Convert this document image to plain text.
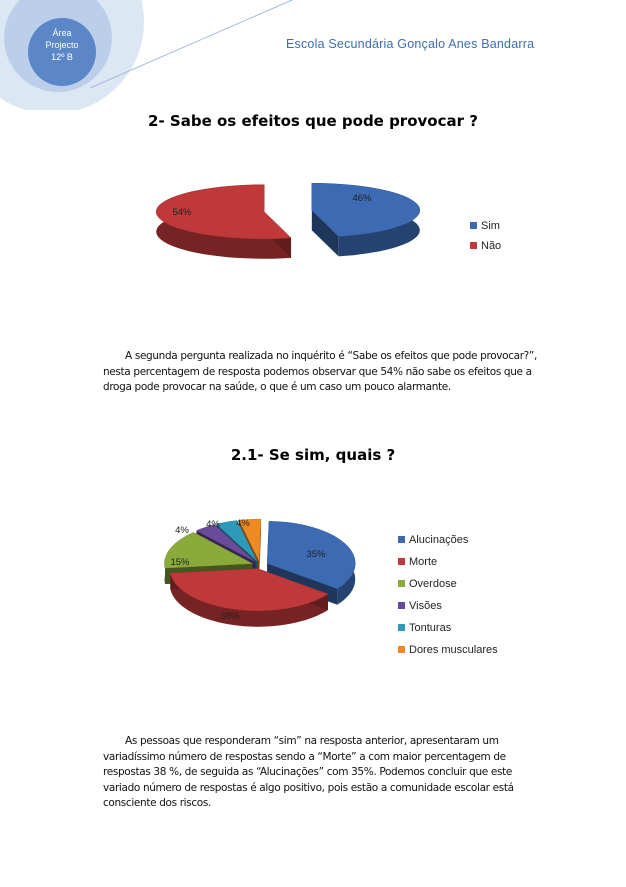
Área
Projecto
12º B
Escola Secundária Gonçalo Anes Bandarra
2- Sabe os efeitos que pode provocar ?
46%
54%
Sim
Não
A segunda pergunta realizada no inquérito é “Sabe os efeitos que pode provocar?”, nesta percentagem de resposta podemos observar que 54% não sabe os efeitos que a droga pode provocar na saúde, o que é um caso um pouco alarmante.
2.1- Se sim, quais ?
4%
4%
4%
35%
15%
38%
Alucinações
Morte
Overdose
Visões
Tonturas
Dores musculares
As pessoas que responderam “sim” na resposta anterior, apresentaram um variadíssimo número de respostas sendo a “Morte” a com maior percentagem de respostas 38 %, de seguida as “Alucinações” com 35%. Podemos concluir que este variado número de respostas é algo positivo, pois estão a comunidade escolar está consciente dos riscos.
